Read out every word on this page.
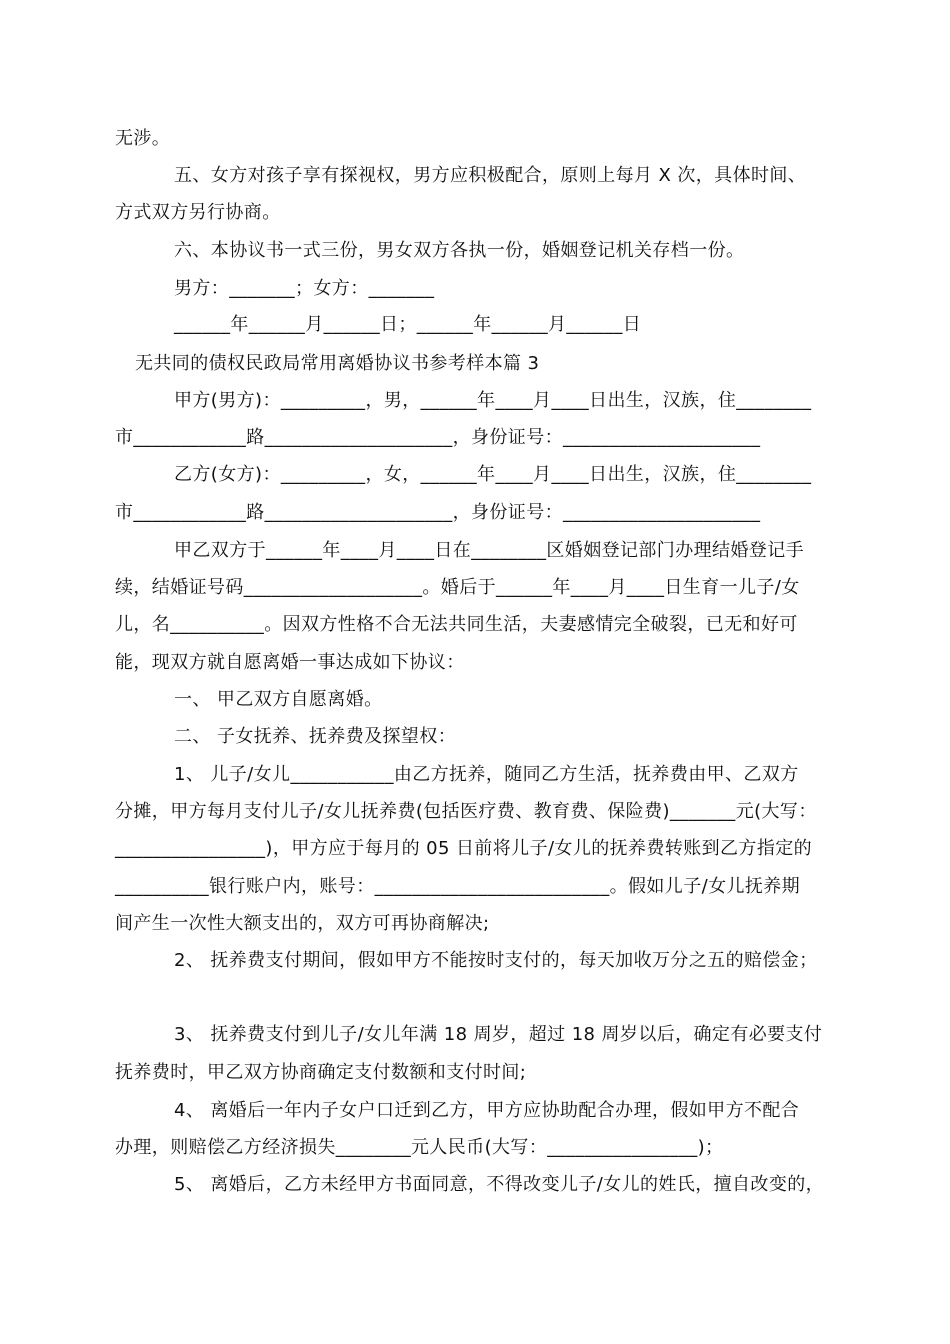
无涉。
五、女方对孩子享有探视权，男方应积极配合，原则上每月 X 次，具体时间、
方式双方另行协商。
六、本协议书一式三份，男女双方各执一份，婚姻登记机关存档一份。
男方：_______；女方：_______
______年______月______日；______年______月______日
无共同的债权民政局常用离婚协议书参考样本篇 3
甲方(男方)：_________，男，______年____月____日出生，汉族，住________
市____________路____________________，身份证号：_____________________
乙方(女方)：_________，女，______年____月____日出生，汉族，住________
市____________路____________________，身份证号：_____________________
甲乙双方于______年____月____日在________区婚姻登记部门办理结婚登记手
续，结婚证号码___________________。婚后于______年____月____日生育一儿子/女
儿，名__________。因双方性格不合无法共同生活，夫妻感情完全破裂，已无和好可
能，现双方就自愿离婚一事达成如下协议：
一、 甲乙双方自愿离婚。
二、 子女抚养、抚养费及探望权：
1、 儿子/女儿___________由乙方抚养，随同乙方生活，抚养费由甲、乙双方
分摊，甲方每月支付儿子/女儿抚养费(包括医疗费、教育费、保险费)_______元(大写：
________________)，甲方应于每月的 05 日前将儿子/女儿的抚养费转账到乙方指定的
__________银行账户内，账号：_________________________。假如儿子/女儿抚养期
间产生一次性大额支出的，双方可再协商解决;
2、 抚养费支付期间，假如甲方不能按时支付的，每天加收万分之五的赔偿金；
3、 抚养费支付到儿子/女儿年满 18 周岁，超过 18 周岁以后，确定有必要支付
抚养费时，甲乙双方协商确定支付数额和支付时间;
4、 离婚后一年内子女户口迁到乙方，甲方应协助配合办理，假如甲方不配合
办理，则赔偿乙方经济损失________元人民币(大写：________________)；
5、 离婚后，乙方未经甲方书面同意，不得改变儿子/女儿的姓氏，擅自改变的，
